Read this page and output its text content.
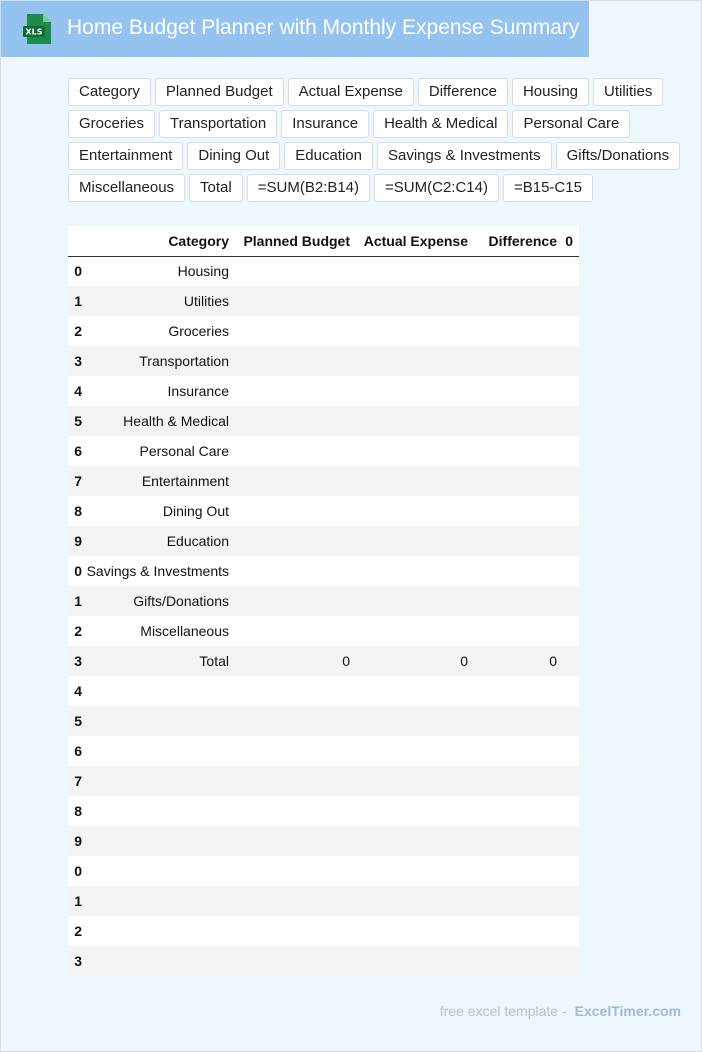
XLS Home Budget Planner with Monthly Expense Summary
Category	Planned Budget	Actual Expense	Difference	Housing	Utilities
Groceries	Transportation	Insurance	Health & Medical	Personal Care
Entertainment	Dining Out	Education	Savings & Investments	Gifts/Donations
Miscellaneous	Total	=SUM(B2:B14)	=SUM(C2:C14)	=B15-C15
	Category	Planned Budget	Actual Expense	Difference	0
0	Housing				
1	Utilities				
2	Groceries				
3	Transportation				
4	Insurance				
5	Health & Medical				
6	Personal Care				
7	Entertainment				
8	Dining Out				
9	Education				
0	Savings & Investments				
1	Gifts/Donations				
2	Miscellaneous				
3	Total	0	0	0	
4					
5					
6					
7					
8					
9					
0					
1					
2					
3					
free excel template - ExcelTimer.com
